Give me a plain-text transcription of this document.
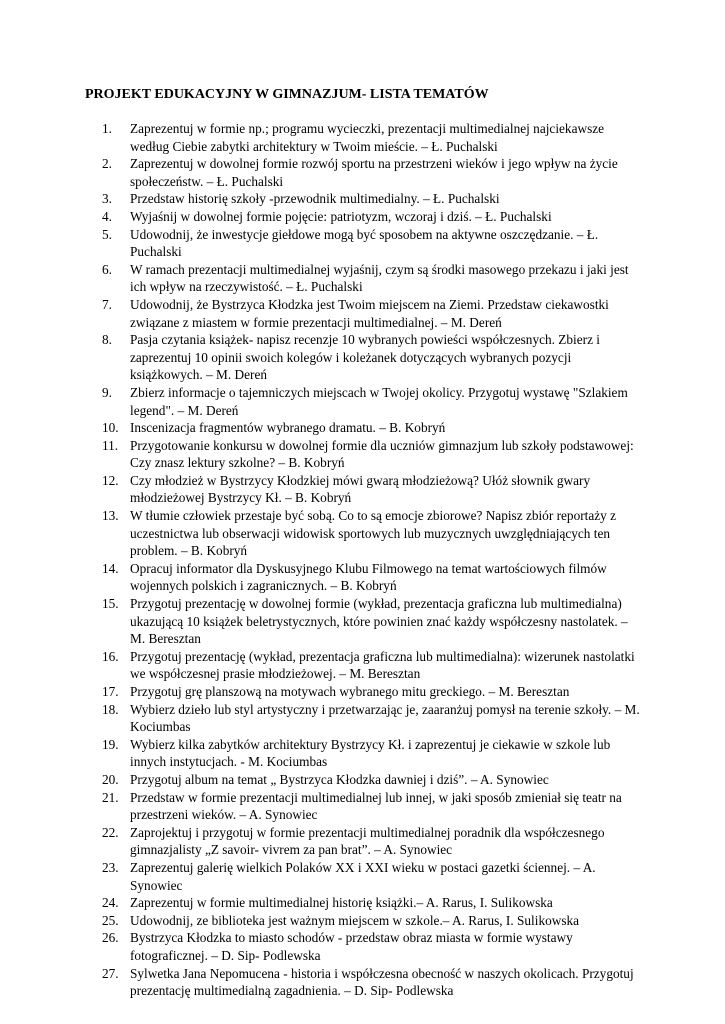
PROJEKT EDUKACYJNY W GIMNAZJUM- LISTA TEMATÓW
1.	Zaprezentuj w formie np.; programu wycieczki, prezentacji multimedialnej najciekawsze według Ciebie zabytki architektury w Twoim mieście. – Ł. Puchalski
2.	Zaprezentuj w dowolnej formie rozwój sportu na przestrzeni wieków i jego wpływ na życie społeczeństw. – Ł. Puchalski
3.	Przedstaw historię szkoły -przewodnik multimedialny. – Ł. Puchalski
4.	Wyjaśnij w dowolnej formie pojęcie: patriotyzm, wczoraj i dziś. – Ł. Puchalski
5.	Udowodnij, że inwestycje giełdowe mogą być sposobem na aktywne oszczędzanie. – Ł. Puchalski
6.	W ramach prezentacji multimedialnej wyjaśnij, czym są środki masowego przekazu i jaki jest ich wpływ na rzeczywistość. – Ł. Puchalski
7.	Udowodnij, że Bystrzyca Kłodzka jest Twoim miejscem na Ziemi. Przedstaw ciekawostki związane z miastem w formie prezentacji multimedialnej. – M. Dereń
8.	Pasja czytania książek- napisz recenzje 10 wybranych powieści współczesnych. Zbierz i zaprezentuj 10 opinii swoich kolegów i koleżanek dotyczących wybranych pozycji książkowych. – M. Dereń
9.	Zbierz informacje o tajemniczych miejscach w Twojej okolicy. Przygotuj wystawę "Szlakiem legend". – M. Dereń
10. Inscenizacja fragmentów wybranego dramatu. – B. Kobryń
11. Przygotowanie konkursu w dowolnej formie dla uczniów gimnazjum lub szkoły podstawowej: Czy znasz lektury szkolne? – B. Kobryń
12. Czy młodzież w Bystrzycy Kłodzkiej mówi gwarą młodzieżową? Ułóż słownik gwary młodzieżowej Bystrzycy Kł. – B. Kobryń
13. W tłumie człowiek przestaje być sobą. Co to są emocje zbiorowe? Napisz zbiór reportaży z uczestnictwa lub obserwacji widowisk sportowych lub muzycznych uwzględniających ten problem. – B. Kobryń
14. Opracuj informator dla Dyskusyjnego Klubu Filmowego na temat wartościowych filmów wojennych polskich i zagranicznych. – B. Kobryń
15. Przygotuj prezentację w dowolnej formie (wykład, prezentacja graficzna lub multimedialna) ukazującą 10 książek beletrystycznych, które powinien znać każdy współczesny nastolatek. – M. Beresztan
16. Przygotuj prezentację (wykład, prezentacja graficzna lub multimedialna): wizerunek nastolatki we współczesnej prasie młodzieżowej. – M. Beresztan
17. Przygotuj grę planszową na motywach wybranego mitu greckiego. – M. Beresztan
18. Wybierz dzieło lub styl artystyczny i przetwarzając je, zaaranżuj pomysł na terenie szkoły. – M. Kociumbas
19. Wybierz kilka zabytków architektury Bystrzycy Kł. i zaprezentuj je ciekawie w szkole lub innych instytucjach. - M. Kociumbas
20. Przygotuj album na temat „ Bystrzyca Kłodzka dawniej i dziś”. – A. Synowiec
21. Przedstaw w formie prezentacji multimedialnej lub innej, w jaki sposób zmieniał się teatr na przestrzeni wieków. – A. Synowiec
22. Zaprojektuj i przygotuj w formie prezentacji multimedialnej poradnik dla współczesnego gimnazjalisty „Z savoir- vivrem za pan brat”. – A. Synowiec
23. Zaprezentuj galerię wielkich Polaków XX i XXI wieku w postaci gazetki ściennej. – A. Synowiec
24. Zaprezentuj w formie multimedialnej historię książki.– A. Rarus, I. Sulikowska
25. Udowodnij, ze biblioteka jest ważnym miejscem w szkole.– A. Rarus, I. Sulikowska
26. Bystrzyca Kłodzka to miasto schodów - przedstaw obraz miasta w formie wystawy fotograficznej. – D. Sip- Podlewska
27. Sylwetka Jana Nepomucena - historia i współczesna obecność w naszych okolicach. Przygotuj prezentację multimedialną zagadnienia. – D. Sip- Podlewska
